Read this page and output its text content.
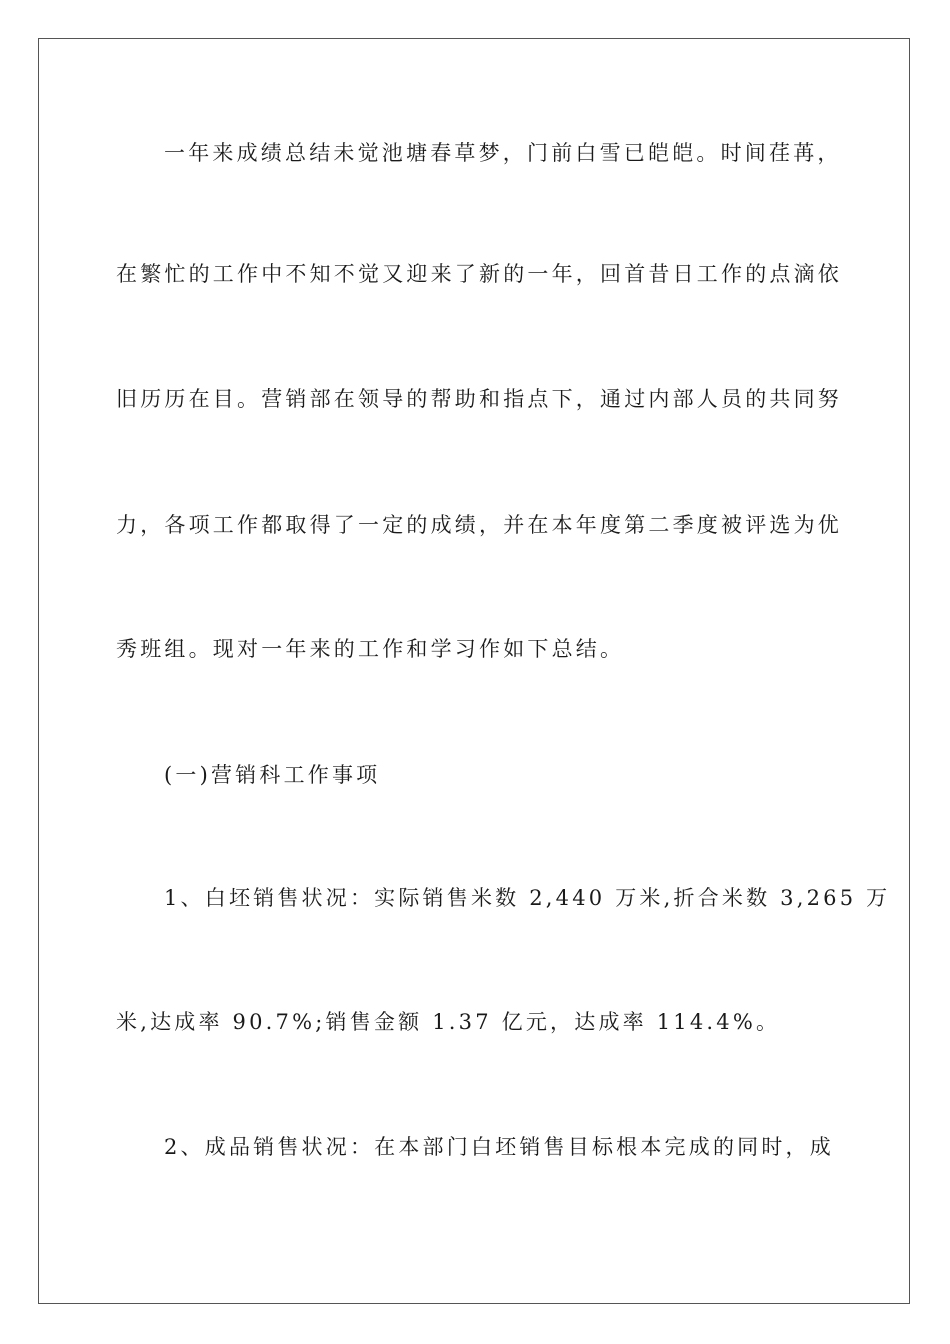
一年来成绩总结未觉池塘春草梦，门前白雪已皑皑。时间荏苒，
在繁忙的工作中不知不觉又迎来了新的一年，回首昔日工作的点滴依
旧历历在目。营销部在领导的帮助和指点下，通过内部人员的共同努
力，各项工作都取得了一定的成绩，并在本年度第二季度被评选为优
秀班组。现对一年来的工作和学习作如下总结。
(一)营销科工作事项
1、白坯销售状况：实际销售米数 2,440 万米,折合米数 3,265 万
米,达成率 90.7%;销售金额 1.37 亿元，达成率 114.4%。
2、成品销售状况：在本部门白坯销售目标根本完成的同时，成
